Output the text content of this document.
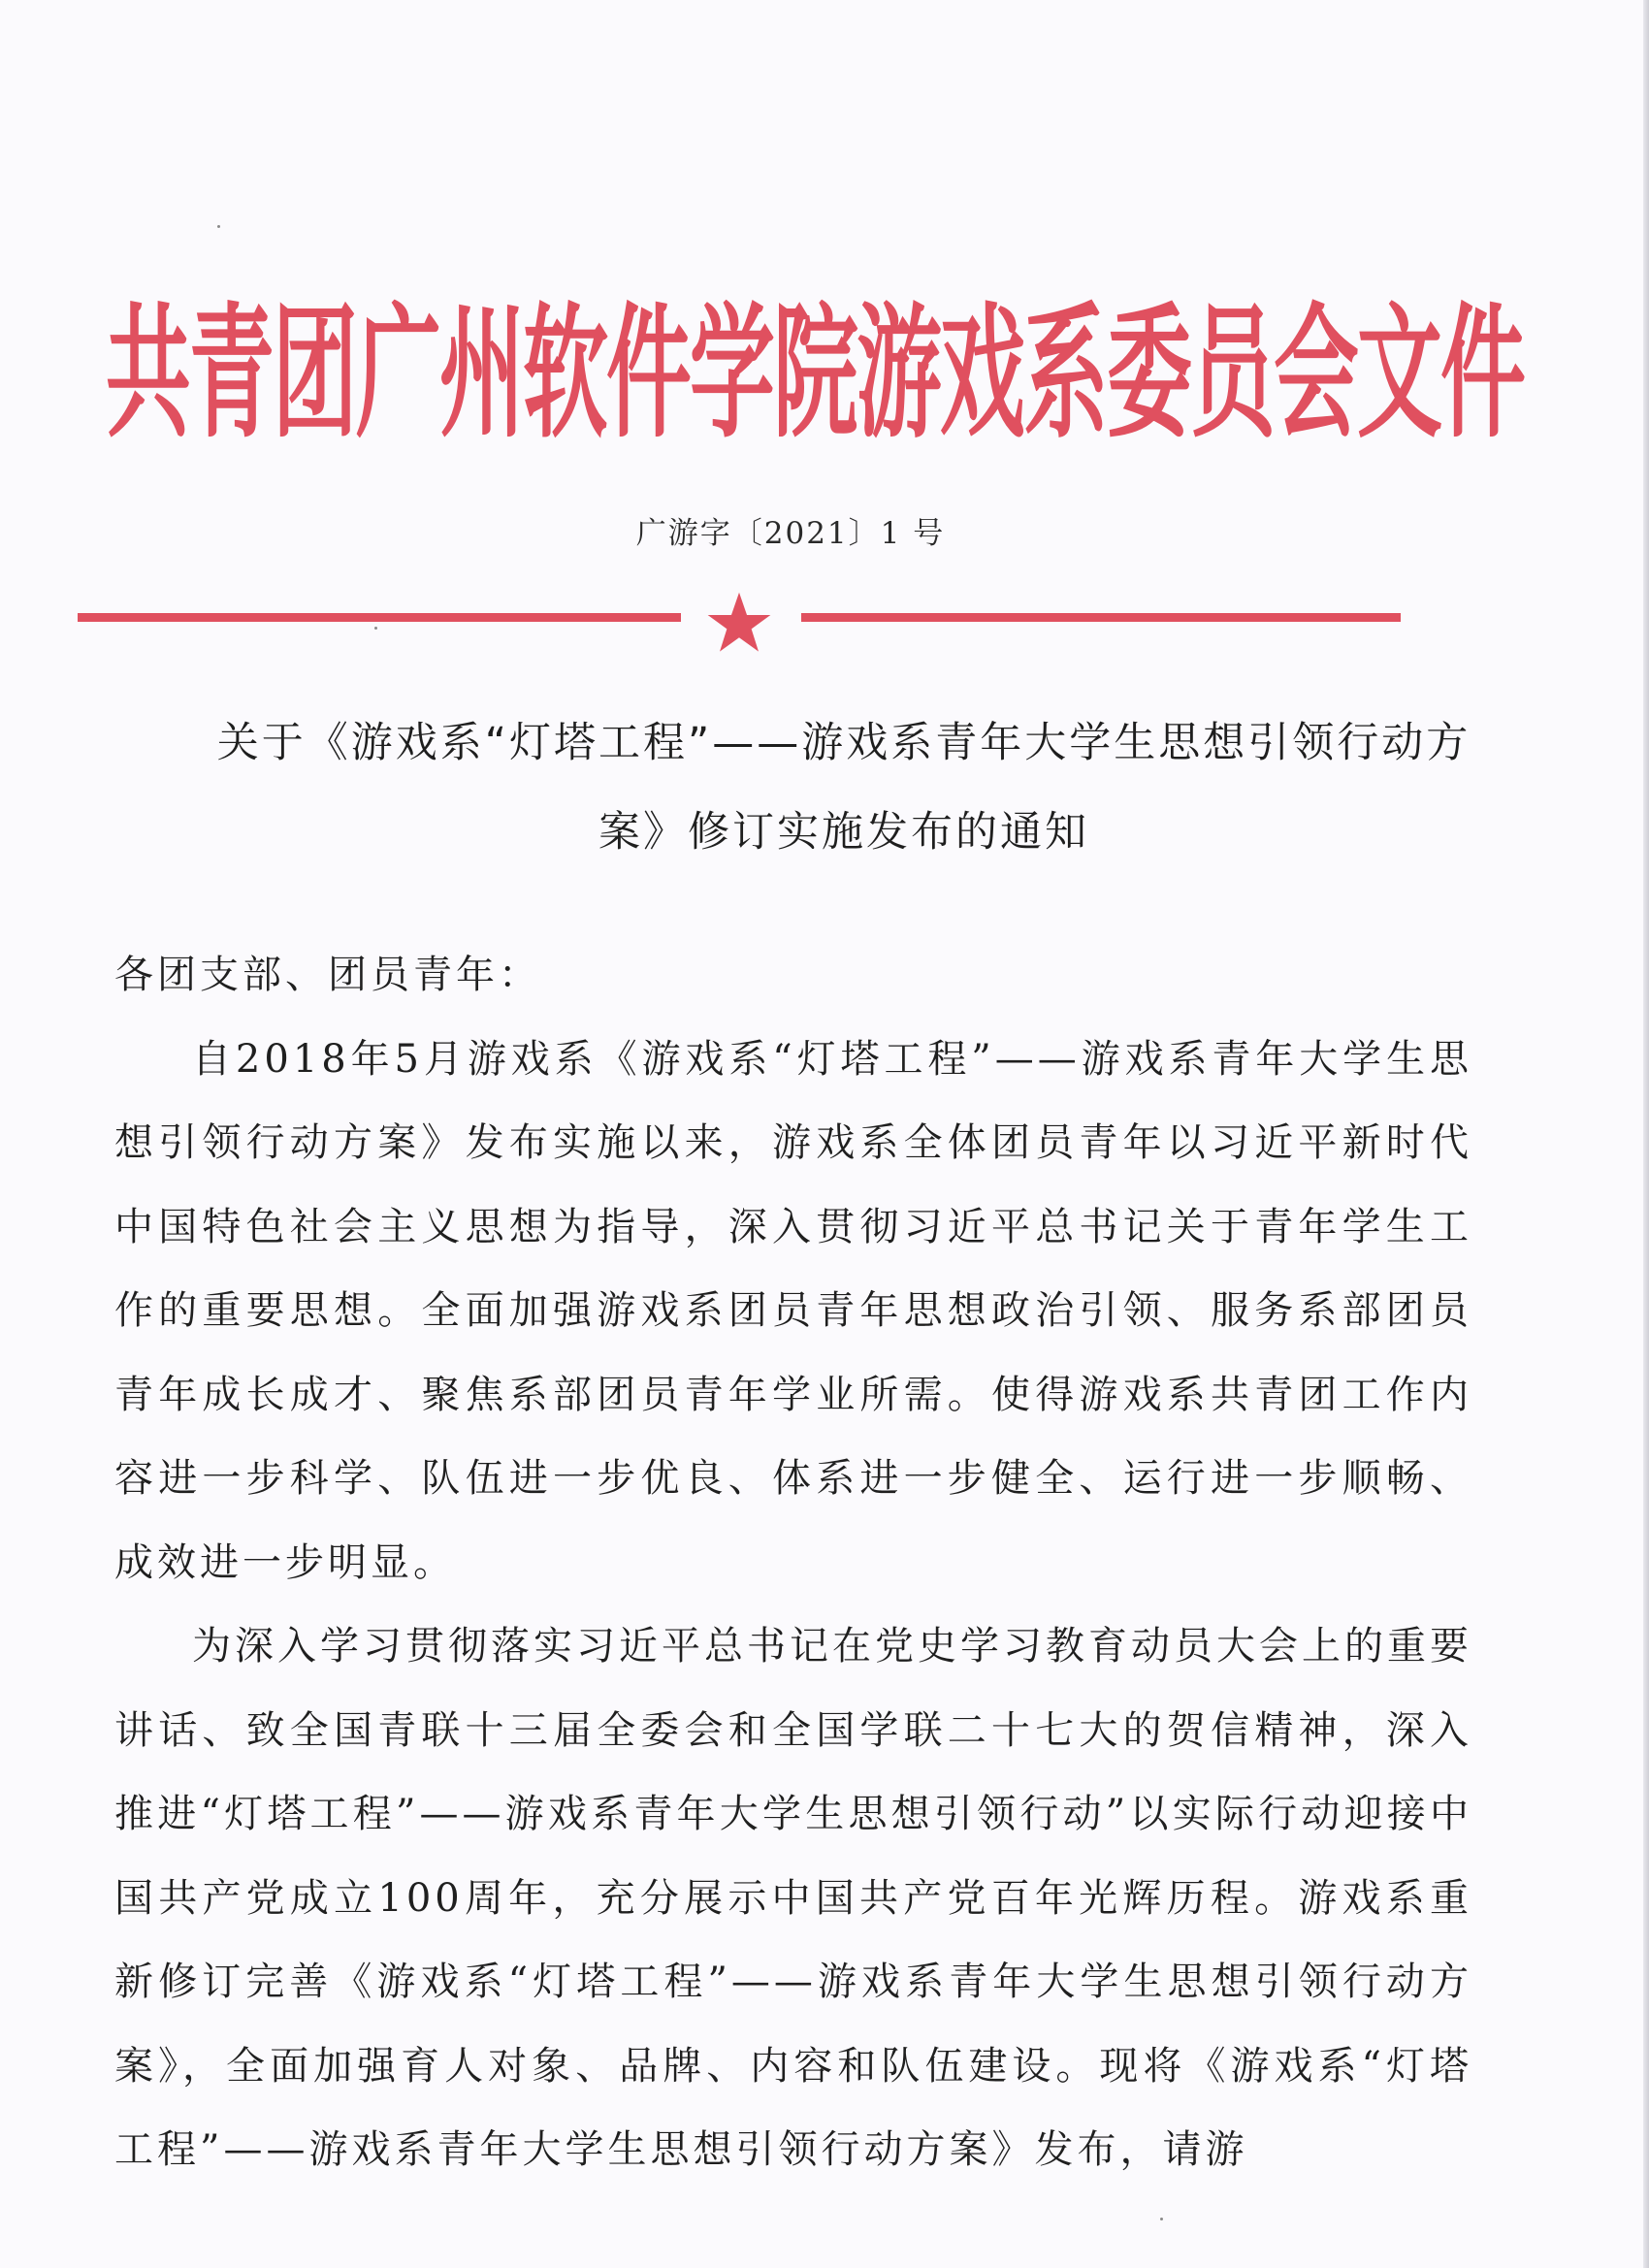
共青团广州软件学院游戏系委员会文件
广游字〔2021〕1 号
关于《游戏系“灯塔工程”——游戏系青年大学生思想引领行动方案》修订实施发布的通知

各团支部、团员青年：

自2018年5月游戏系《游戏系“灯塔工程”——游戏系青年大学生思想引领行动方案》发布实施以来，游戏系全体团员青年以习近平新时代中国特色社会主义思想为指导，深入贯彻习近平总书记关于青年学生工作的重要思想。全面加强游戏系团员青年思想政治引领、服务系部团员青年成长成才、聚焦系部团员青年学业所需。使得游戏系共青团工作内容进一步科学、队伍进一步优良、体系进一步健全、运行进一步顺畅、成效进一步明显。

为深入学习贯彻落实习近平总书记在党史学习教育动员大会上的重要讲话、致全国青联十三届全委会和全国学联二十七大的贺信精神，深入推进“灯塔工程”——游戏系青年大学生思想引领行动”以实际行动迎接中国共产党成立100周年，充分展示中国共产党百年光辉历程。游戏系重新修订完善《游戏系“灯塔工程”——游戏系青年大学生思想引领行动方案》，全面加强育人对象、品牌、内容和队伍建设。现将《游戏系“灯塔工程”——游戏系青年大学生思想引领行动方案》发布，请游
